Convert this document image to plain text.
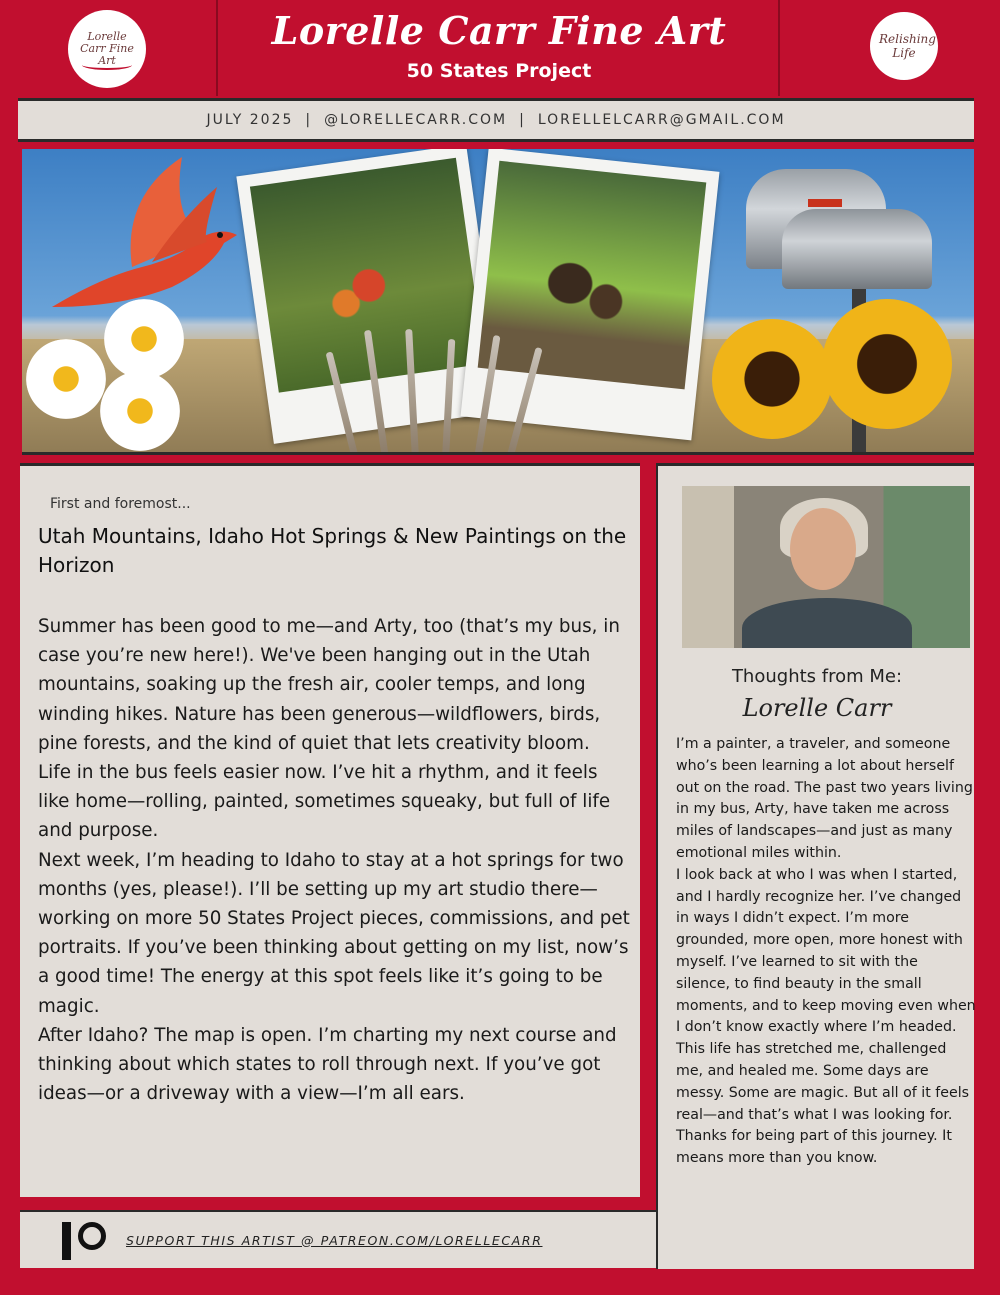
Lorelle Carr Fine Art
Lorelle Carr Fine Art
50 States Project
Relishing Life
JULY 2025 | @LORELLECARR.COM | LORELLELCARR@GMAIL.COM
First and foremost...
Utah Mountains, Idaho Hot Springs & New Paintings on the Horizon

Summer has been good to me—and Arty, too (that’s my bus, in case you’re new here!). We've been hanging out in the Utah mountains, soaking up the fresh air, cooler temps, and long winding hikes. Nature has been generous—wildflowers, birds, pine forests, and the kind of quiet that lets creativity bloom.

Life in the bus feels easier now. I’ve hit a rhythm, and it feels like home—rolling, painted, sometimes squeaky, but full of life and purpose.

Next week, I’m heading to Idaho to stay at a hot springs for two months (yes, please!). I’ll be setting up my art studio there—working on more 50 States Project pieces, commissions, and pet portraits. If you’ve been thinking about getting on my list, now’s a good time! The energy at this spot feels like it’s going to be magic.

After Idaho? The map is open. I’m charting my next course and thinking about which states to roll through next. If you’ve got ideas—or a driveway with a view—I’m all ears.

Thoughts from Me:
Lorelle Carr

I’m a painter, a traveler, and someone who’s been learning a lot about herself out on the road. The past two years living in my bus, Arty, have taken me across miles of landscapes—and just as many emotional miles within.

I look back at who I was when I started, and I hardly recognize her. I’ve changed in ways I didn’t expect. I’m more grounded, more open, more honest with myself. I’ve learned to sit with the silence, to find beauty in the small moments, and to keep moving even when I don’t know exactly where I’m headed.

This life has stretched me, challenged me, and healed me. Some days are messy. Some are magic. But all of it feels real—and that’s what I was looking for.

Thanks for being part of this journey. It means more than you know.

SUPPORT THIS ARTIST @ PATREON.COM/LORELLECARR
